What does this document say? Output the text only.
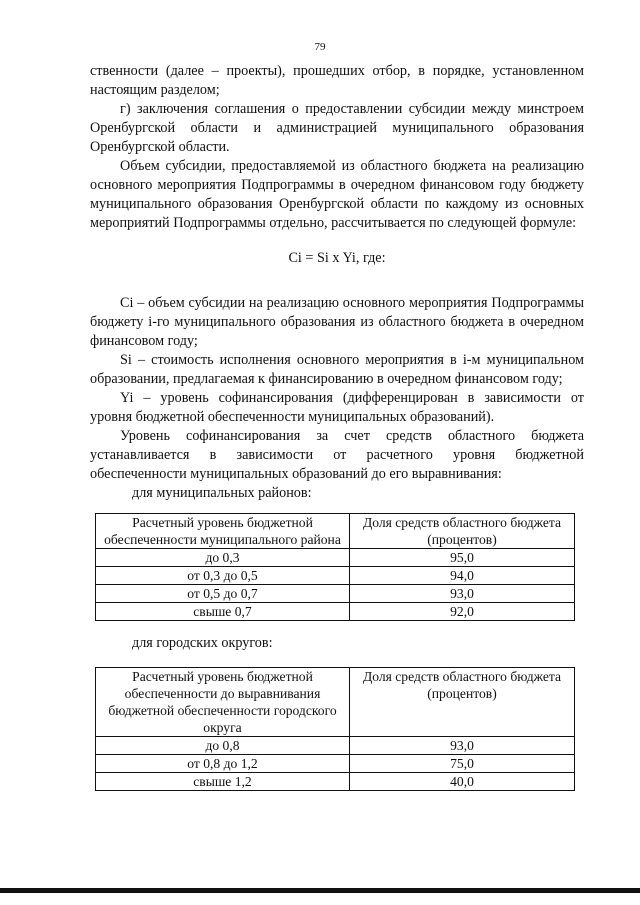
79

ственности (далее – проекты), прошедших отбор, в порядке, установленном настоящим разделом;

г) заключения соглашения о предоставлении субсидии между минстроем Оренбургской области и администрацией муниципального образования Оренбургской области.

Объем субсидии, предоставляемой из областного бюджета на реализацию основного мероприятия Подпрограммы в очередном финансовом году бюджету муниципального образования Оренбургской области по каждому из основных мероприятий Подпрограммы отдельно, рассчитывается по следующей формуле:

Ci = Si x Yi, где:

Ci – объем субсидии на реализацию основного мероприятия Подпрограммы бюджету i-го муниципального образования из областного бюджета в очередном финансовом году;

Si – стоимость исполнения основного мероприятия в i-м муниципальном образовании, предлагаемая к финансированию в очередном финансовом году;

Yi – уровень софинансирования (дифференцирован в зависимости от уровня бюджетной обеспеченности муниципальных образований).

Уровень софинансирования за счет средств областного бюджета устанавливается в зависимости от расчетного уровня бюджетной обеспеченности муниципальных образований до его выравнивания:

для муниципальных районов:

Расчетный уровень бюджетной обеспеченности муниципального района	Доля средств областного бюджета (процентов)
до 0,3	95,0
от 0,3 до 0,5	94,0
от 0,5 до 0,7	93,0
свыше 0,7	92,0

для городских округов:

Расчетный уровень бюджетной обеспеченности до выравнивания бюджетной обеспеченности городского округа	Доля средств областного бюджета (процентов)
до 0,8	93,0
от 0,8 до 1,2	75,0
свыше 1,2	40,0
